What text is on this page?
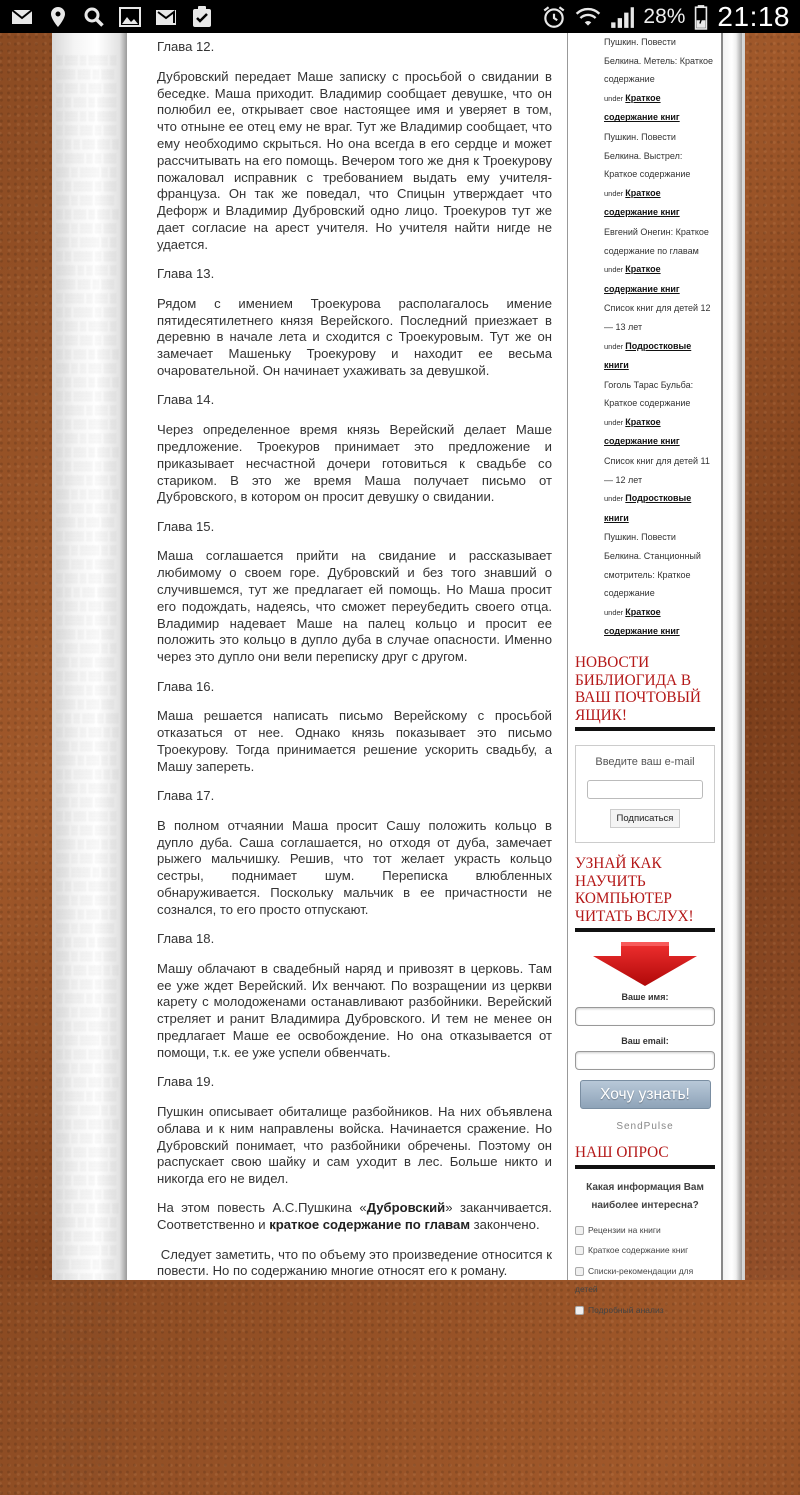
28% 21:18
░ ░░ ░ ░░░ ░ ░░░ ░░ ░ ░░░ ░░ ░ ░░ ░░░ ░ ░░ ░ ░░░ ░ ░░ ░ ░ ░░░ ░ ░░ ░░ ░ ░░░ ░ ░ ░░ ░░ ░ ░ ░░░ ░ ░ ░░ ░░ ░ ░░░ ░ ░░ ░ ░░░ ░ ░░ ░░ ░ ░░ ░░░ ░ ░ ░░ ░ ░░ ░░░ ░ ░░ ░ ░░ ░░ ░ ░░░ ░ ░░ ░ ░░░ ░ ░░ ░░░ ░ ░ ░░ ░ ░░░ ░░ ░ ░░ ░ ░░░ ░ ░░ ░░ ░ ░░░ ░ ░░ ░ ░░ ░ ░░░ ░ ░ ░░ ░░ ░ ░░░ ░ ░░ ░ ░░ ░░░ ░ ░ ░░ ░░░ ░ ░░ ░ ░░ ░░ ░ ░░░ ░ ░░ ░ ░░░ ░ ░░ ░░ ░ ░░ ░░░ ░ ░ ░░ ░ ░░ ░░░ ░ ░░ ░ ░░ ░░ ░ ░░░ ░ ░░ ░ ░░░ ░ ░░ ░░░ ░ ░ ░░ ░ ░░░ ░░ ░ ░░ ░ ░░░ ░ ░░ ░░ ░ ░░░ ░ ░░ ░ ░░ ░ ░░░ ░ ░ ░░ ░░ ░ ░░░ ░ ░░ ░ ░░ ░░░ ░ ░ ░░ ░░░ ░ ░░ ░ ░░ ░░ ░ ░░░ ░ ░░ ░ ░░░ ░ ░░ ░░ ░ ░░ ░░░ ░ ░ ░░ ░ ░░ ░░░ ░ ░░ ░ ░░ ░░ ░ ░░░ ░ ░░ ░ ░░░ ░ ░░ ░░░ ░ ░ ░░ ░ ░░░ ░░ ░ ░░ ░ ░░░ ░ ░░ ░░ ░ ░░░ ░ ░░ ░ ░░ ░ ░░░ ░ ░ ░░ ░░ ░ ░░░ ░ ░░ ░ ░░ ░░░ ░ ░ ░░ ░░░ ░ ░░ ░ ░░ ░░ ░ ░░░ ░ ░░ ░ ░░░ ░ ░░ ░░ ░ ░░ ░░░ ░ ░ ░░ ░ ░░ ░░░ ░ ░░ ░ ░░ ░░ ░ ░░░ ░ ░░ ░ ░░░ ░ ░░ ░░░ ░ ░ ░░ ░ ░░░ ░░ ░ ░░ ░ ░░░ ░ ░░ ░░ ░ ░░░ ░ ░░ ░ ░░ ░ ░░░ ░ ░ ░░ ░░ ░ ░░░ ░ ░░ ░ ░░ ░░░ ░ ░ ░░ ░░░ ░ ░░ ░ ░░ ░░ ░ ░░░ ░ ░░ ░ ░░░ ░ ░░ ░░ ░ ░░ ░░░ ░ ░ ░░ ░ ░░ ░░░ ░ ░░ ░ ░░ ░░ ░ ░░░ ░ ░░ ░ ░░░ ░ ░░ ░░░ ░ ░ ░░ ░ ░░░ ░░ ░ ░░ ░ ░░░ ░ ░░ ░░ ░ ░░░ ░ ░░ ░ ░░ ░ ░░░ ░ ░ ░░ ░░ ░ ░░░ ░ ░░ ░ ░░ ░░░ ░ ░ ░░ ░░░ ░ ░░ ░ ░░ ░░ ░ ░░░ ░ ░░ ░ ░░░ ░ ░░ ░░ ░ ░░ ░░░ ░ ░ ░░ ░ ░░ ░░░ ░ ░░ ░ ░░ ░░ ░ ░░░ ░ ░░ ░ ░░░ ░ ░░ ░░░ ░ ░ ░░ ░ ░░░ ░░ ░ ░░ ░ ░░░ ░ ░░ ░░ ░ ░░░ ░ ░░ ░ ░░ ░ ░░░ ░ ░ ░░ ░░ ░ ░░░ ░ ░░ ░ ░░ ░░░ ░ ░ ░░ ░░░

Глава 12.

Дубровский передает Маше записку с просьбой о свидании в беседке. Маша приходит. Владимир сообщает девушке, что он полюбил ее, открывает свое настоящее имя и уверяет в том, что отныне ее отец ему не враг. Тут же Владимир сообщает, что ему необходимо скрыться. Но она всегда в его сердце и может рассчитывать на его помощь. Вечером того же дня к Троекурову пожаловал исправник с требованием выдать ему учителя-француза. Он так же поведал, что Спицын утверждает что Дефорж и Владимир Дубровский одно лицо. Троекуров тут же дает согласие на арест учителя. Но учителя найти нигде не удается.

Глава 13.

Рядом с имением Троекурова располагалось имение пятидесятилетнего князя Верейского. Последний приезжает в деревню в начале лета и сходится с Троекуровым. Тут же он замечает Машеньку Троекурову и находит ее весьма очаровательной. Он начинает ухаживать за девушкой.

Глава 14.

Через определенное время князь Верейский делает Маше предложение. Троекуров принимает это предложение и приказывает несчастной дочери готовиться к свадьбе со стариком. В это же время Маша получает письмо от Дубровского, в котором он просит девушку о свидании.

Глава 15.

Маша соглашается прийти на свидание и рассказывает любимому о своем горе. Дубровский и без того знавший о случившемся, тут же предлагает ей помощь. Но Маша просит его подождать, надеясь, что сможет переубедить своего отца. Владимир надевает Маше на палец кольцо и просит ее положить это кольцо в дупло дуба в случае опасности. Именно через это дупло они вели переписку друг с другом.

Глава 16.

Маша решается написать письмо Верейскому с просьбой отказаться от нее. Однако князь показывает это письмо Троекурову. Тогда принимается решение ускорить свадьбу, а Машу запереть.

Глава 17.

В полном отчаянии Маша просит Сашу положить кольцо в дупло дуба. Саша соглашается, но отходя от дуба, замечает рыжего мальчишку. Решив, что тот желает украсть кольцо сестры, поднимает шум. Переписка влюбленных обнаруживается. Поскольку мальчик в ее причастности не сознался, то его просто отпускают.

Глава 18.

Машу облачают в свадебный наряд и привозят в церковь. Там ее уже ждет Верейский. Их венчают. По возращении из церкви карету с молодоженами останавливают разбойники. Верейский стреляет и ранит Владимира Дубровского. И тем не менее он предлагает Маше ее освобождение. Но она отказывается от помощи, т.к. ее уже успели обвенчать.

Глава 19.

Пушкин описывает обиталище разбойников. На них объявлена облава и к ним направлены войска. Начинается сражение. Но Дубровский понимает, что разбойники обречены. Поэтому он распускает свою шайку и сам уходит в лес. Больше никто и никогда его не видел.

На этом повесть А.С.Пушкина «Дубровский» заканчивается. Соответственно и краткое содержание по главам закончено.

Следует заметить, что по объему это произведение относится к повести. Но по содержанию многие относят его к роману.

Пушкин. Повести
Белкина. Метель: Краткое
содержание
under Краткое содержание книг
Пушкин. Повести
Белкина. Выстрел:
Краткое содержание
under Краткое содержание книг
Евгений Онегин: Краткое
содержание по главам
under Краткое содержание книг
Список книг для детей 12
— 13 лет
under Подростковые книги
Гоголь Тарас Бульба:
Краткое содержание
under Краткое содержание книг
Список книг для детей 11
— 12 лет
under Подростковые книги
Пушкин. Повести
Белкина. Станционный
смотритель: Краткое
содержание
under Краткое содержание книг
НОВОСТИ БИБЛИОГИДА В ВАШ ПОЧТОВЫЙ ЯЩИК!
Введите ваш e-mail
Подписаться
УЗНАЙ КАК НАУЧИТЬ КОМПЬЮТЕР ЧИТАТЬ ВСЛУХ!
Ваше имя:
Ваш email:
Хочу узнать!
SendPulse
НАШ ОПРОС
Какая информация Вам наиболее интересна?
Рецензии на книги
Краткое содержание книг
Списки-рекомендации для детей
Подробный анализ
